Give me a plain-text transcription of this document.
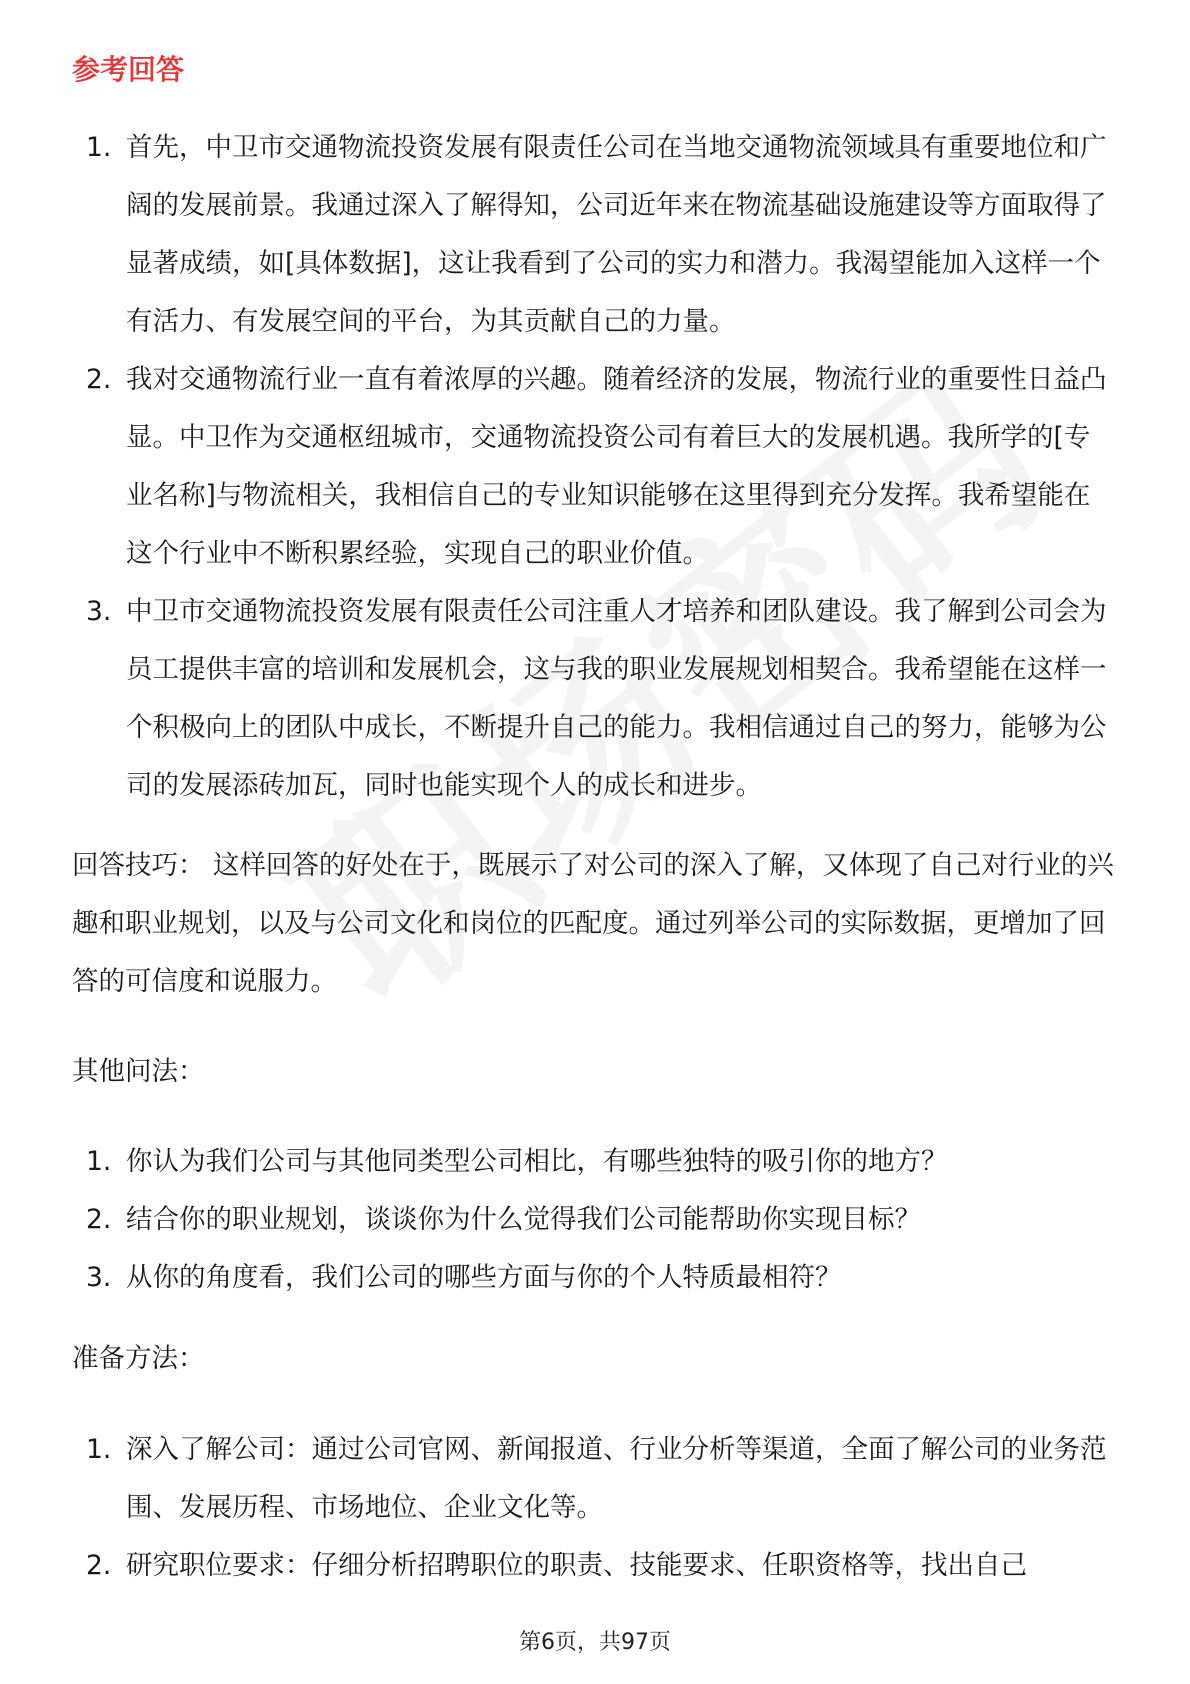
参考回答
1. 首先，中卫市交通物流投资发展有限责任公司在当地交通物流领域具有重要地位和广阔的发展前景。我通过深入了解得知，公司近年来在物流基础设施建设等方面取得了显著成绩，如[具体数据]，这让我看到了公司的实力和潜力。我渴望能加入这样一个有活力、有发展空间的平台，为其贡献自己的力量。
2. 我对交通物流行业一直有着浓厚的兴趣。随着经济的发展，物流行业的重要性日益凸显。中卫作为交通枢纽城市，交通物流投资公司有着巨大的发展机遇。我所学的[专业名称]与物流相关，我相信自己的专业知识能够在这里得到充分发挥。我希望能在这个行业中不断积累经验，实现自己的职业价值。
3. 中卫市交通物流投资发展有限责任公司注重人才培养和团队建设。我了解到公司会为员工提供丰富的培训和发展机会，这与我的职业发展规划相契合。我希望能在这样一个积极向上的团队中成长，不断提升自己的能力。我相信通过自己的努力，能够为公司的发展添砖加瓦，同时也能实现个人的成长和进步。

回答技巧： 这样回答的好处在于，既展示了对公司的深入了解，又体现了自己对行业的兴趣和职业规划，以及与公司文化和岗位的匹配度。通过列举公司的实际数据，更增加了回答的可信度和说服力。

其他问法：

1. 你认为我们公司与其他同类型公司相比，有哪些独特的吸引你的地方？
2. 结合你的职业规划，谈谈你为什么觉得我们公司能帮助你实现目标？
3. 从你的角度看，我们公司的哪些方面与你的个人特质最相符？

准备方法：

1. 深入了解公司：通过公司官网、新闻报道、行业分析等渠道，全面了解公司的业务范围、发展历程、市场地位、企业文化等。
2. 研究职位要求：仔细分析招聘职位的职责、技能要求、任职资格等，找出自己
第6页，共97页
